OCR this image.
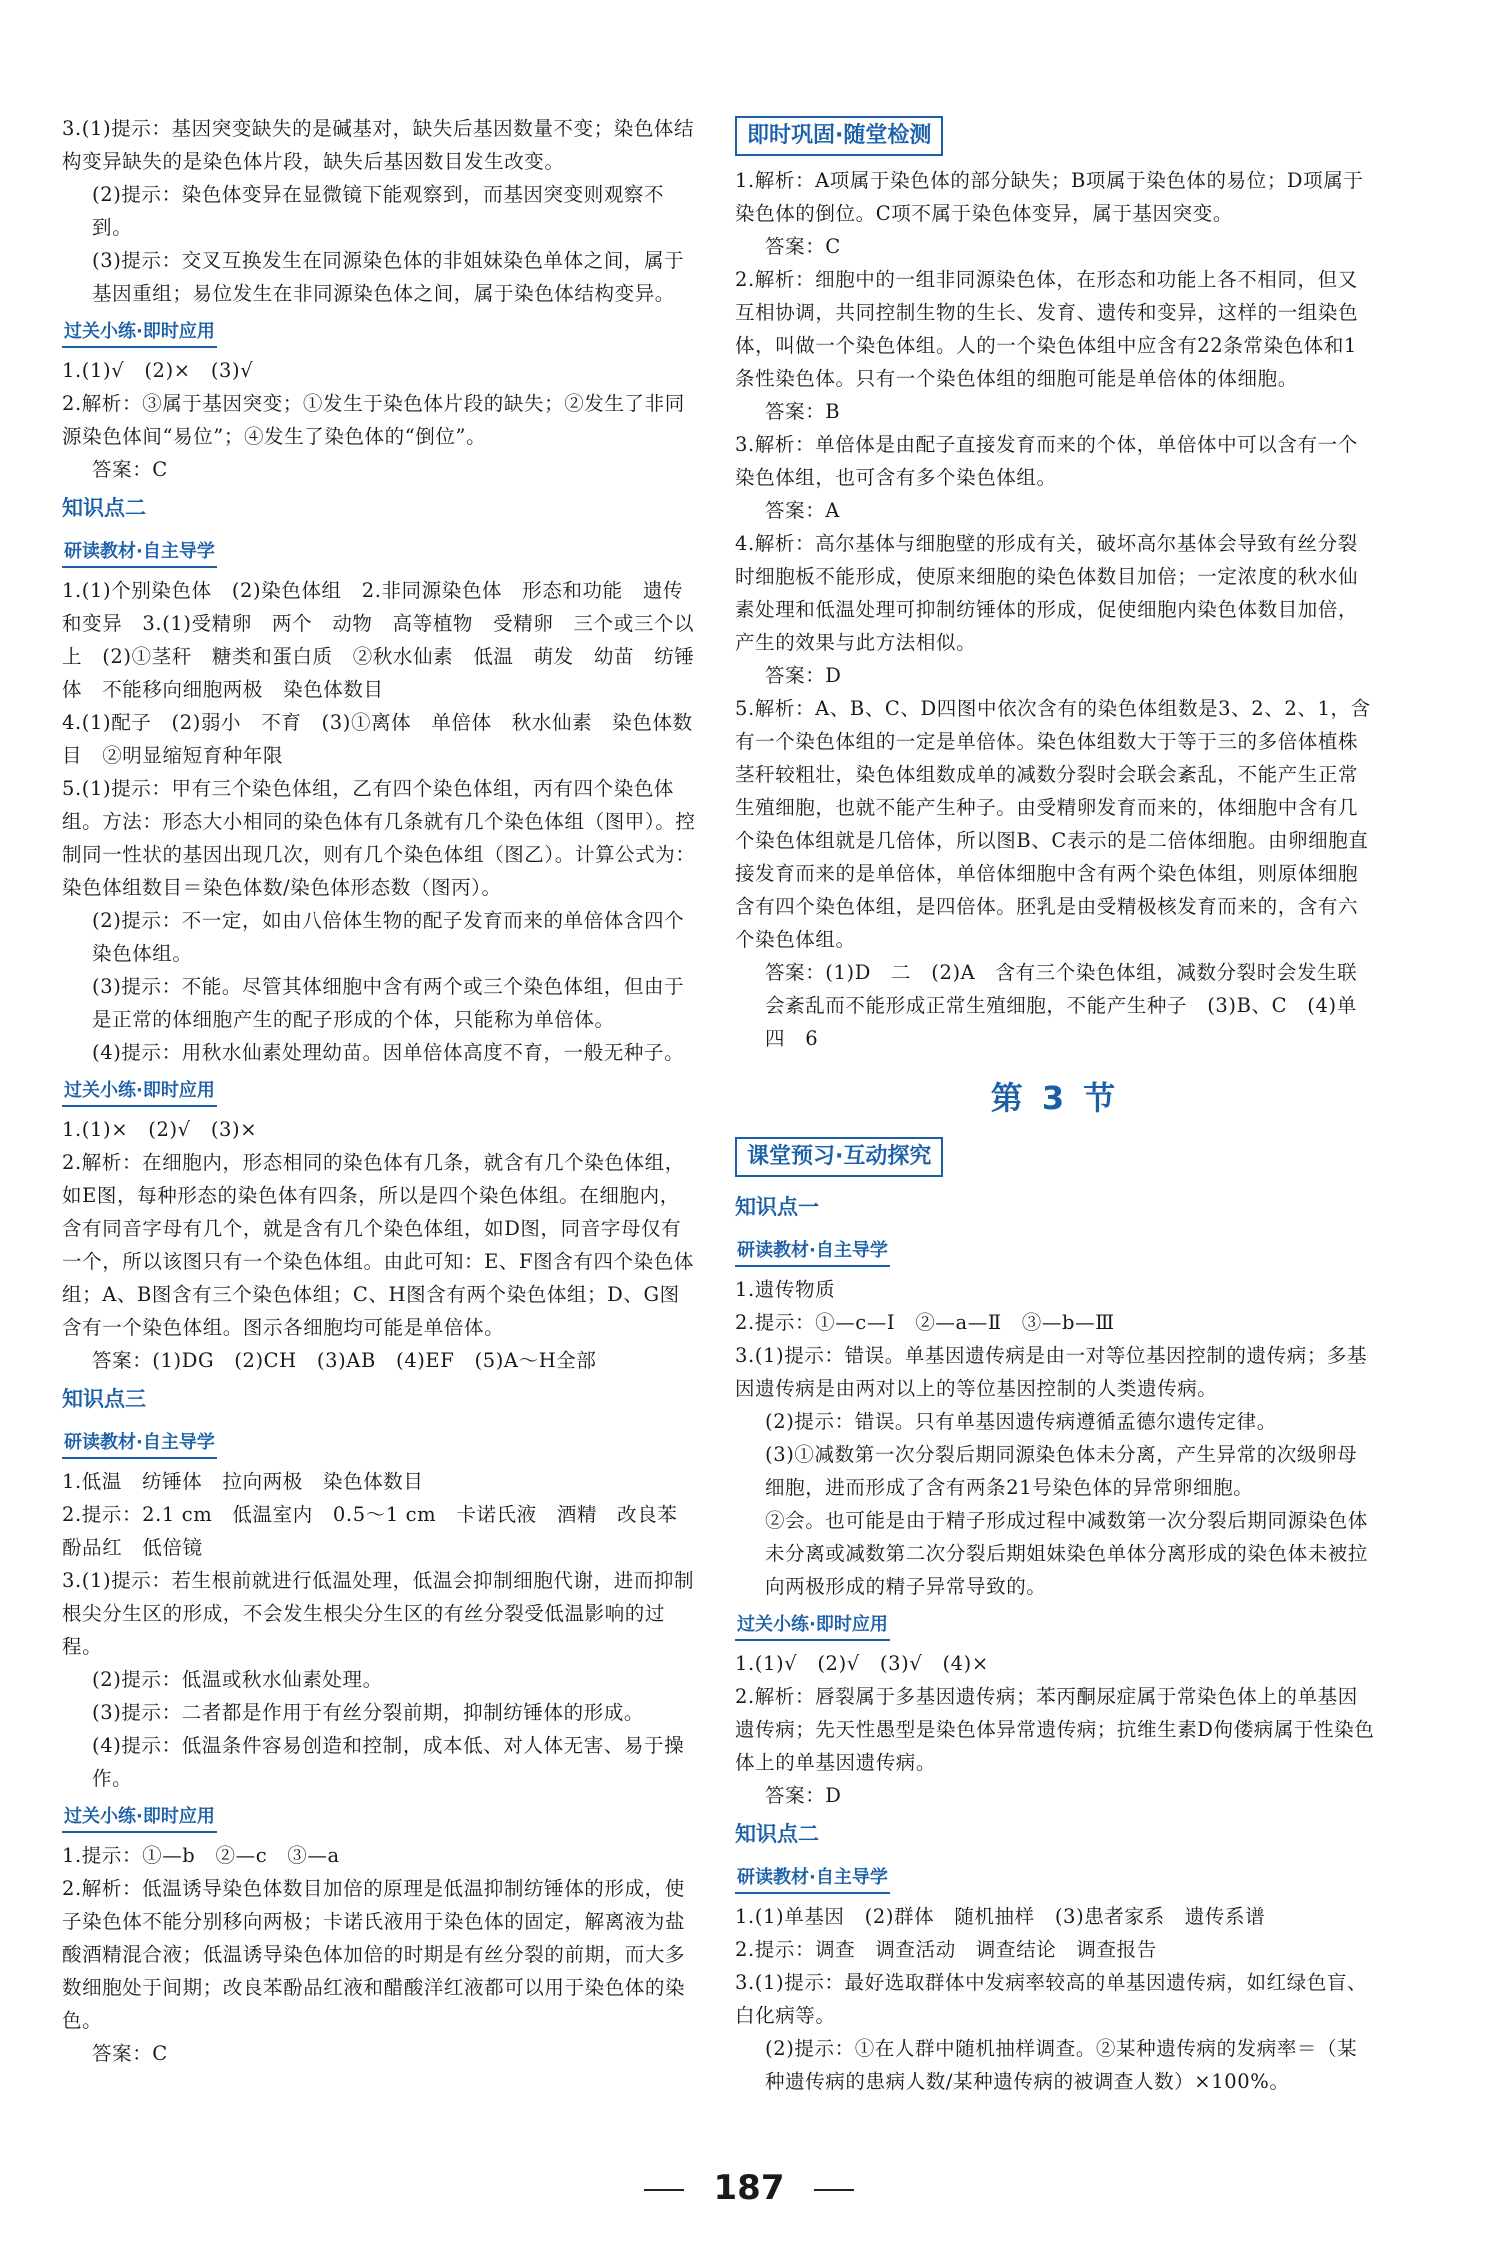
3.(1)提示：基因突变缺失的是碱基对，缺失后基因数量不变；染色体结构变异缺失的是染色体片段，缺失后基因数目发生改变。

(2)提示：染色体变异在显微镜下能观察到，而基因突变则观察不到。

(3)提示：交叉互换发生在同源染色体的非姐妹染色单体之间，属于基因重组；易位发生在非同源染色体之间，属于染色体结构变异。

过关小练·即时应用

1.(1)√　(2)×　(3)√

2.解析：③属于基因突变；①发生于染色体片段的缺失；②发生了非同源染色体间“易位”；④发生了染色体的“倒位”。

答案：C

知识点二
研读教材·自主导学

1.(1)个别染色体　(2)染色体组　2.非同源染色体　形态和功能　遗传和变异　3.(1)受精卵　两个　动物　高等植物　受精卵　三个或三个以上　(2)①茎秆　糖类和蛋白质　②秋水仙素　低温　萌发　幼苗　纺锤体　不能移向细胞两极　染色体数目

4.(1)配子　(2)弱小　不育　(3)①离体　单倍体　秋水仙素　染色体数目　②明显缩短育种年限

5.(1)提示：甲有三个染色体组，乙有四个染色体组，丙有四个染色体组。方法：形态大小相同的染色体有几条就有几个染色体组（图甲）。控制同一性状的基因出现几次，则有几个染色体组（图乙）。计算公式为：染色体组数目＝染色体数/染色体形态数（图丙）。

(2)提示：不一定，如由八倍体生物的配子发育而来的单倍体含四个染色体组。

(3)提示：不能。尽管其体细胞中含有两个或三个染色体组，但由于是正常的体细胞产生的配子形成的个体，只能称为单倍体。

(4)提示：用秋水仙素处理幼苗。因单倍体高度不育，一般无种子。

过关小练·即时应用

1.(1)×　(2)√　(3)×

2.解析：在细胞内，形态相同的染色体有几条，就含有几个染色体组，如E图，每种形态的染色体有四条，所以是四个染色体组。在细胞内，含有同音字母有几个，就是含有几个染色体组，如D图，同音字母仅有一个，所以该图只有一个染色体组。由此可知：E、F图含有四个染色体组；A、B图含有三个染色体组；C、H图含有两个染色体组；D、G图含有一个染色体组。图示各细胞均可能是单倍体。

答案：(1)DG　(2)CH　(3)AB　(4)EF　(5)A～H全部

知识点三
研读教材·自主导学

1.低温　纺锤体　拉向两极　染色体数目

2.提示：2.1 cm　低温室内　0.5～1 cm　卡诺氏液　酒精　改良苯酚品红　低倍镜

3.(1)提示：若生根前就进行低温处理，低温会抑制细胞代谢，进而抑制根尖分生区的形成，不会发生根尖分生区的有丝分裂受低温影响的过程。

(2)提示：低温或秋水仙素处理。

(3)提示：二者都是作用于有丝分裂前期，抑制纺锤体的形成。

(4)提示：低温条件容易创造和控制，成本低、对人体无害、易于操作。

过关小练·即时应用

1.提示：①—b　②—c　③—a

2.解析：低温诱导染色体数目加倍的原理是低温抑制纺锤体的形成，使子染色体不能分别移向两极；卡诺氏液用于染色体的固定，解离液为盐酸酒精混合液；低温诱导染色体加倍的时期是有丝分裂的前期，而大多数细胞处于间期；改良苯酚品红液和醋酸洋红液都可以用于染色体的染色。

答案：C

即时巩固·随堂检测

1.解析：A项属于染色体的部分缺失；B项属于染色体的易位；D项属于染色体的倒位。C项不属于染色体变异，属于基因突变。

答案：C

2.解析：细胞中的一组非同源染色体，在形态和功能上各不相同，但又互相协调，共同控制生物的生长、发育、遗传和变异，这样的一组染色体，叫做一个染色体组。人的一个染色体组中应含有22条常染色体和1条性染色体。只有一个染色体组的细胞可能是单倍体的体细胞。

答案：B

3.解析：单倍体是由配子直接发育而来的个体，单倍体中可以含有一个染色体组，也可含有多个染色体组。

答案：A

4.解析：高尔基体与细胞壁的形成有关，破坏高尔基体会导致有丝分裂时细胞板不能形成，使原来细胞的染色体数目加倍；一定浓度的秋水仙素处理和低温处理可抑制纺锤体的形成，促使细胞内染色体数目加倍，产生的效果与此方法相似。

答案：D

5.解析：A、B、C、D四图中依次含有的染色体组数是3、2、2、1，含有一个染色体组的一定是单倍体。染色体组数大于等于三的多倍体植株茎秆较粗壮，染色体组数成单的减数分裂时会联会紊乱，不能产生正常生殖细胞，也就不能产生种子。由受精卵发育而来的，体细胞中含有几个染色体组就是几倍体，所以图B、C表示的是二倍体细胞。由卵细胞直接发育而来的是单倍体，单倍体细胞中含有两个染色体组，则原体细胞含有四个染色体组，是四倍体。胚乳是由受精极核发育而来的，含有六个染色体组。

答案：(1)D　二　(2)A　含有三个染色体组，减数分裂时会发生联会紊乱而不能形成正常生殖细胞，不能产生种子　(3)B、C　(4)单　四　6

第 3 节
课堂预习·互动探究

知识点一
研读教材·自主导学

1.遗传物质

2.提示：①—c—Ⅰ　②—a—Ⅱ　③—b—Ⅲ

3.(1)提示：错误。单基因遗传病是由一对等位基因控制的遗传病；多基因遗传病是由两对以上的等位基因控制的人类遗传病。

(2)提示：错误。只有单基因遗传病遵循孟德尔遗传定律。

(3)①减数第一次分裂后期同源染色体未分离，产生异常的次级卵母细胞，进而形成了含有两条21号染色体的异常卵细胞。

②会。也可能是由于精子形成过程中减数第一次分裂后期同源染色体未分离或减数第二次分裂后期姐妹染色单体分离形成的染色体未被拉向两极形成的精子异常导致的。

过关小练·即时应用

1.(1)√　(2)√　(3)√　(4)×

2.解析：唇裂属于多基因遗传病；苯丙酮尿症属于常染色体上的单基因遗传病；先天性愚型是染色体异常遗传病；抗维生素D佝偻病属于性染色体上的单基因遗传病。

答案：D

知识点二
研读教材·自主导学

1.(1)单基因　(2)群体　随机抽样　(3)患者家系　遗传系谱

2.提示：调查　调查活动　调查结论　调查报告

3.(1)提示：最好选取群体中发病率较高的单基因遗传病，如红绿色盲、白化病等。

(2)提示：①在人群中随机抽样调查。②某种遗传病的发病率＝（某种遗传病的患病人数/某种遗传病的被调查人数）×100%。

187
